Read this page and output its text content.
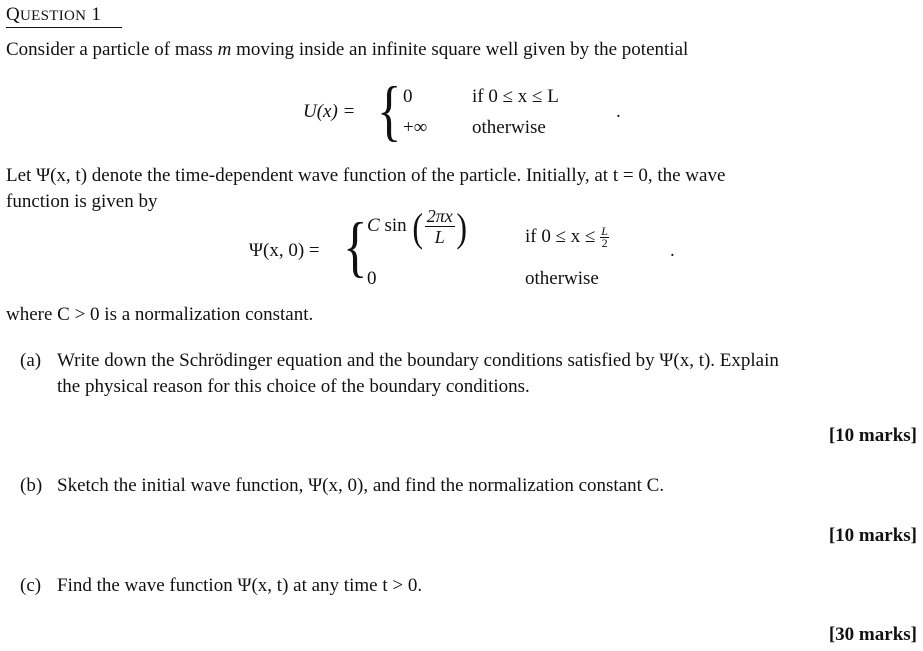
QUESTION 1
Consider a particle of mass m moving inside an infinite square well given by the potential
U(x) = { 0	if 0 ≤ x ≤ L
+∞ otherwise
.
Let Ψ(x, t) denote the time-dependent wave function of the particle. Initially, at t = 0, the wave
function is given by
Ψ(x, 0) = { C sin ( $\frac{2\pi x}{L}$ )	if $0 \le x \le \frac{L}{2}$
0	otherwise
.
where C > 0 is a normalization constant.
(a) Write down the Schrödinger equation and the boundary conditions satisfied by Ψ(x, t). Explain
the physical reason for this choice of the boundary conditions.
[10 marks]
(b) Sketch the initial wave function, Ψ(x, 0), and find the normalization constant C.
[10 marks]
(c) Find the wave function Ψ(x, t) at any time t > 0.
[30 marks]
